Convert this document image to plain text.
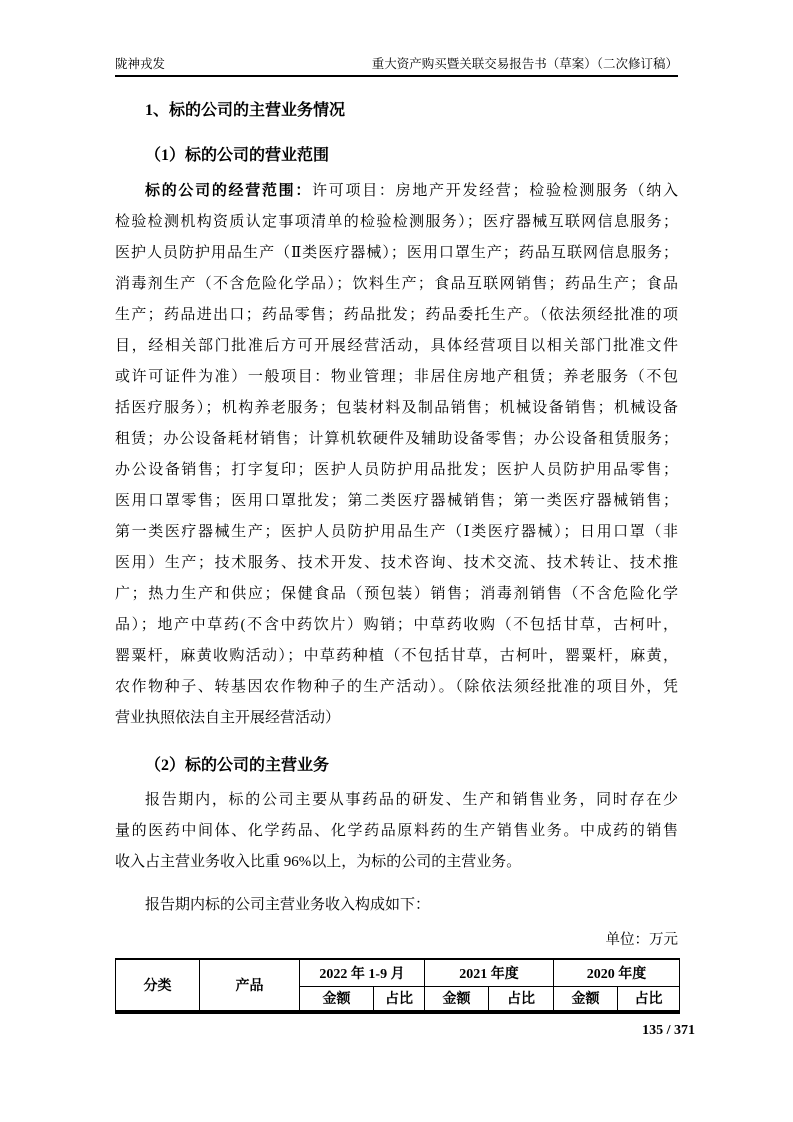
陇神戎发	重大资产购买暨关联交易报告书（草案）（二次修订稿）
1、标的公司的主营业务情况
（1）标的公司的营业范围
标的公司的经营范围：许可项目：房地产开发经营；检验检测服务（纳入
检验检测机构资质认定事项清单的检验检测服务）；医疗器械互联网信息服务；
医护人员防护用品生产（Ⅱ类医疗器械）；医用口罩生产；药品互联网信息服务；
消毒剂生产（不含危险化学品）；饮料生产；食品互联网销售；药品生产；食品
生产；药品进出口；药品零售；药品批发；药品委托生产。（依法须经批准的项
目，经相关部门批准后方可开展经营活动，具体经营项目以相关部门批准文件
或许可证件为准）一般项目：物业管理；非居住房地产租赁；养老服务（不包
括医疗服务）；机构养老服务；包装材料及制品销售；机械设备销售；机械设备
租赁；办公设备耗材销售；计算机软硬件及辅助设备零售；办公设备租赁服务；
办公设备销售；打字复印；医护人员防护用品批发；医护人员防护用品零售；
医用口罩零售；医用口罩批发；第二类医疗器械销售；第一类医疗器械销售；
第一类医疗器械生产；医护人员防护用品生产（Ⅰ类医疗器械）；日用口罩（非
医用）生产；技术服务、技术开发、技术咨询、技术交流、技术转让、技术推
广；热力生产和供应；保健食品（预包装）销售；消毒剂销售（不含危险化学
品）；地产中草药(不含中药饮片）购销；中草药收购（不包括甘草，古柯叶，
罂粟杆，麻黄收购活动）；中草药种植（不包括甘草，古柯叶，罂粟杆，麻黄，
农作物种子、转基因农作物种子的生产活动）。（除依法须经批准的项目外，凭
营业执照依法自主开展经营活动）
（2）标的公司的主营业务
报告期内，标的公司主要从事药品的研发、生产和销售业务，同时存在少
量的医药中间体、化学药品、化学药品原料药的生产销售业务。中成药的销售
收入占主营业务收入比重 96%以上，为标的公司的主营业务。
报告期内标的公司主营业务收入构成如下：
单位：万元
分类	产品	2022 年 1-9 月		2021 年度		2020 年度	
		金额	占比	金额	占比	金额	占比
135 / 371
